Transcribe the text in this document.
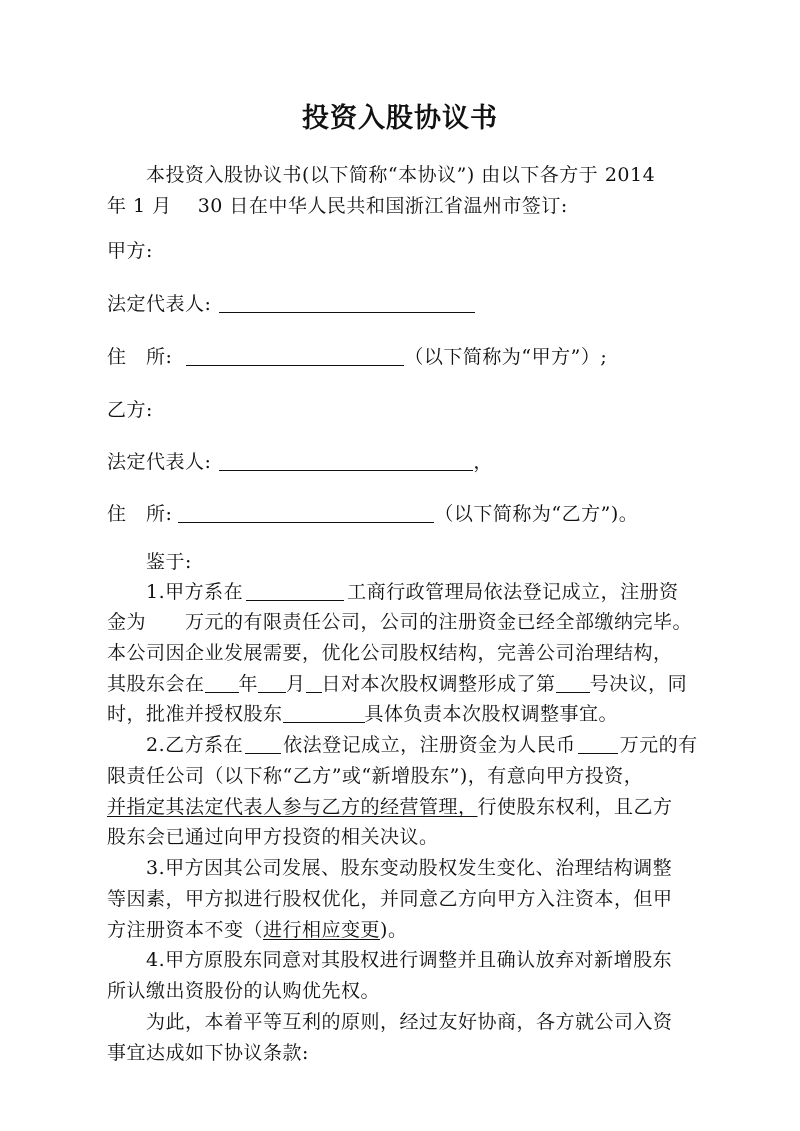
投资入股协议书
本投资入股协议书(以下简称“本协议”) 由以下各方于 2014
年 1 月　 30 日在中华人民共和国浙江省温州市签订:
甲方:
法定代表人:
住　所:	（以下简称为“甲方”）;
乙方:
法定代表人:	，
住　所:	（以下简称为“乙方”)。
鉴于:
1.甲方系在	工商行政管理局依法登记成立，注册资
金为　　万元的有限责任公司，公司的注册资金已经全部缴纳完毕。
本公司因企业发展需要，优化公司股权结构，完善公司治理结构，
其股东会在 年 月 日对本次股权调整形成了第 号决议，同
时，批准并授权股东	具体负责本次股权调整事宜。
2.乙方系在 依法登记成立，注册资金为人民币 万元的有
限责任公司（以下称“乙方”或“新增股东”)，有意向甲方投资，
并指定其法定代表人参与乙方的经营管理，行使股东权利，且乙方
股东会已通过向甲方投资的相关决议。
3.甲方因其公司发展、股东变动股权发生变化、治理结构调整
等因素，甲方拟进行股权优化，并同意乙方向甲方入注资本，但甲
方注册资本不变（进行相应变更)。
4.甲方原股东同意对其股权进行调整并且确认放弃对新增股东
所认缴出资股份的认购优先权。
为此，本着平等互利的原则，经过友好协商，各方就公司入资
事宜达成如下协议条款:
